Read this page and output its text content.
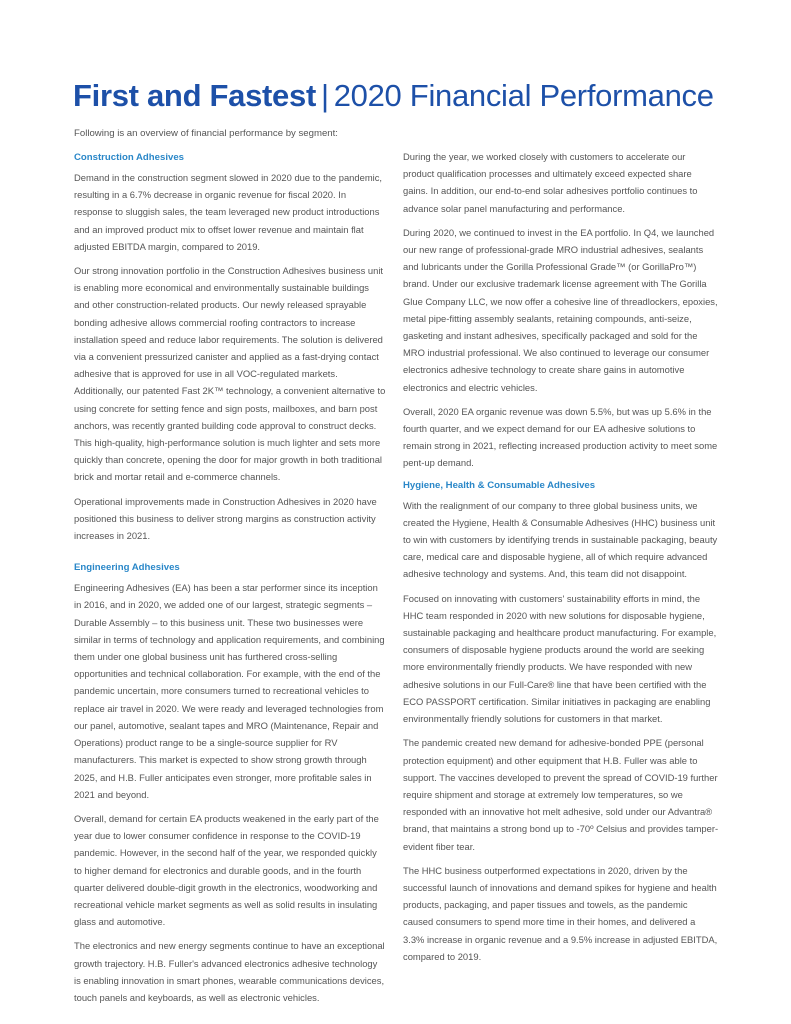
First and Fastest | 2020 Financial Performance

Following is an overview of financial performance by segment:

Construction Adhesives

Demand in the construction segment slowed in 2020 due to the pandemic, resulting in a 6.7% decrease in organic revenue for fiscal 2020. In response to sluggish sales, the team leveraged new product introductions and an improved product mix to offset lower revenue and maintain flat adjusted EBITDA margin, compared to 2019.

Our strong innovation portfolio in the Construction Adhesives business unit is enabling more economical and environmentally sustainable buildings and other construction-related products. Our newly released sprayable bonding adhesive allows commercial roofing contractors to increase installation speed and reduce labor requirements. The solution is delivered via a convenient pressurized canister and applied as a fast-drying contact adhesive that is approved for use in all VOC-regulated markets. Additionally, our patented Fast 2K™ technology, a convenient alternative to using concrete for setting fence and sign posts, mailboxes, and barn post anchors, was recently granted building code approval to construct decks. This high-quality, high-performance solution is much lighter and sets more quickly than concrete, opening the door for major growth in both traditional brick and mortar retail and e-commerce channels.

Operational improvements made in Construction Adhesives in 2020 have positioned this business to deliver strong margins as construction activity increases in 2021.

Engineering Adhesives

Engineering Adhesives (EA) has been a star performer since its inception in 2016, and in 2020, we added one of our largest, strategic segments – Durable Assembly – to this business unit. These two businesses were similar in terms of technology and application requirements, and combining them under one global business unit has furthered cross-selling opportunities and technical collaboration. For example, with the end of the pandemic uncertain, more consumers turned to recreational vehicles to replace air travel in 2020. We were ready and leveraged technologies from our panel, automotive, sealant tapes and MRO (Maintenance, Repair and Operations) product range to be a single-source supplier for RV manufacturers. This market is expected to show strong growth through 2025, and H.B. Fuller anticipates even stronger, more profitable sales in 2021 and beyond.

Overall, demand for certain EA products weakened in the early part of the year due to lower consumer confidence in response to the COVID-19 pandemic. However, in the second half of the year, we responded quickly to higher demand for electronics and durable goods, and in the fourth quarter delivered double-digit growth in the electronics, woodworking and recreational vehicle market segments as well as solid results in insulating glass and automotive.

The electronics and new energy segments continue to have an exceptional growth trajectory. H.B. Fuller's advanced electronics adhesive technology is enabling innovation in smart phones, wearable communications devices, touch panels and keyboards, as well as electronic vehicles.

During the year, we worked closely with customers to accelerate our product qualification processes and ultimately exceed expected share gains. In addition, our end-to-end solar adhesives portfolio continues to advance solar panel manufacturing and performance.

During 2020, we continued to invest in the EA portfolio. In Q4, we launched our new range of professional-grade MRO industrial adhesives, sealants and lubricants under the Gorilla Professional Grade™ (or GorillaPro™) brand. Under our exclusive trademark license agreement with The Gorilla Glue Company LLC, we now offer a cohesive line of threadlockers, epoxies, metal pipe-fitting assembly sealants, retaining compounds, anti-seize, gasketing and instant adhesives, specifically packaged and sold for the MRO industrial professional. We also continued to leverage our consumer electronics adhesive technology to create share gains in automotive electronics and electric vehicles.

Overall, 2020 EA organic revenue was down 5.5%, but was up 5.6% in the fourth quarter, and we expect demand for our EA adhesive solutions to remain strong in 2021, reflecting increased production activity to meet some pent-up demand.

Hygiene, Health & Consumable Adhesives

With the realignment of our company to three global business units, we created the Hygiene, Health & Consumable Adhesives (HHC) business unit to win with customers by identifying trends in sustainable packaging, beauty care, medical care and disposable hygiene, all of which require advanced adhesive technology and systems. And, this team did not disappoint.

Focused on innovating with customers' sustainability efforts in mind, the HHC team responded in 2020 with new solutions for disposable hygiene, sustainable packaging and healthcare product manufacturing. For example, consumers of disposable hygiene products around the world are seeking more environmentally friendly products. We have responded with new adhesive solutions in our Full-Care® line that have been certified with the ECO PASSPORT certification. Similar initiatives in packaging are enabling environmentally friendly solutions for customers in that market.

The pandemic created new demand for adhesive-bonded PPE (personal protection equipment) and other equipment that H.B. Fuller was able to support. The vaccines developed to prevent the spread of COVID-19 further require shipment and storage at extremely low temperatures, so we responded with an innovative hot melt adhesive, sold under our Advantra® brand, that maintains a strong bond up to -70º Celsius and provides tamper-evident fiber tear.

The HHC business outperformed expectations in 2020, driven by the successful launch of innovations and demand spikes for hygiene and health products, packaging, and paper tissues and towels, as the pandemic caused consumers to spend more time in their homes, and delivered a 3.3% increase in organic revenue and a 9.5% increase in adjusted EBITDA, compared to 2019.
